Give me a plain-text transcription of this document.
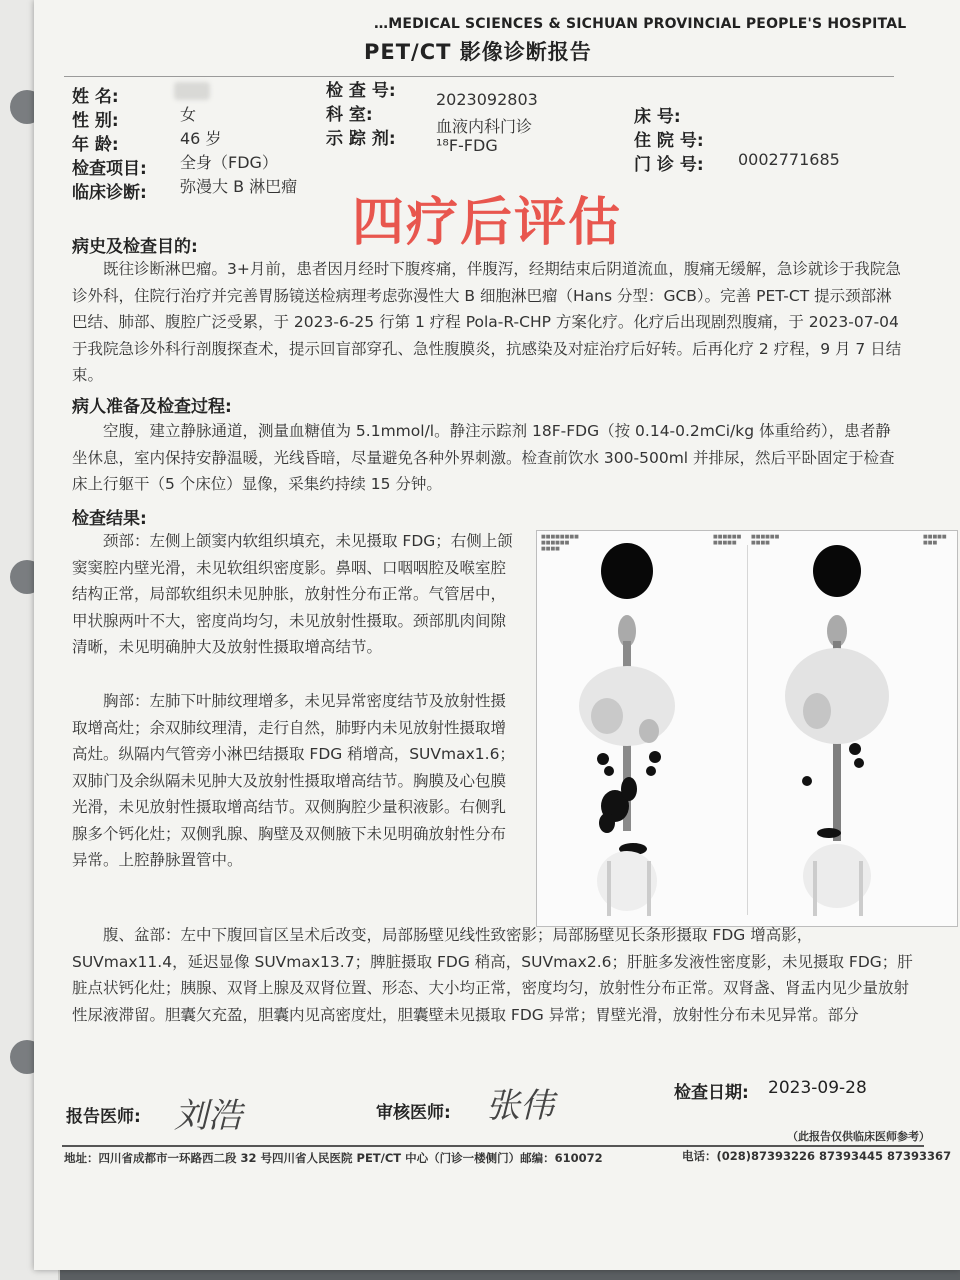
…MEDICAL SCIENCES & SICHUAN PROVINCIAL PEOPLE'S HOSPITAL
PET/CT 影像诊断报告
姓 名:
性 别:	女
年 龄:	46 岁
检查项目: 全身（FDG）
临床诊断: 弥漫大 B 淋巴瘤
检 查 号:	2023092803
科 室:
血液内科门诊
示 踪 剂:	¹⁸F-FDG
床 号:
住 院 号:
门 诊 号: 0002771685
四疗后评估
病史及检查目的:

既往诊断淋巴瘤。3+月前，患者因月经时下腹疼痛，伴腹泻，经期结束后阴道流血，腹痛无缓解，急诊就诊于我院急诊外科，住院行治疗并完善胃肠镜送检病理考虑弥漫性大 B 细胞淋巴瘤（Hans 分型：GCB）。完善 PET-CT 提示颈部淋巴结、肺部、腹腔广泛受累，于 2023-6-25 行第 1 疗程 Pola-R-CHP 方案化疗。化疗后出现剧烈腹痛，于 2023-07-04 于我院急诊外科行剖腹探查术，提示回盲部穿孔、急性腹膜炎，抗感染及对症治疗后好转。后再化疗 2 疗程，9 月 7 日结束。

病人准备及检查过程:

空腹，建立静脉通道，测量血糖值为 5.1mmol/l。静注示踪剂 18F-FDG（按 0.14-0.2mCi/kg 体重给药），患者静坐休息，室内保持安静温暖，光线昏暗，尽量避免各种外界刺激。检查前饮水 300-500ml 并排尿，然后平卧固定于检查床上行躯干（5 个床位）显像，采集约持续 15 分钟。

检查结果:

颈部：左侧上颌窦内软组织填充，未见摄取 FDG；右侧上颌窦窦腔内壁光滑，未见软组织密度影。鼻咽、口咽咽腔及喉室腔结构正常，局部软组织未见肿胀，放射性分布正常。气管居中，甲状腺两叶不大，密度尚均匀，未见放射性摄取。颈部肌肉间隙清晰，未见明确肿大及放射性摄取增高结节。

胸部：左肺下叶肺纹理增多，未见异常密度结节及放射性摄取增高灶；余双肺纹理清，走行自然，肺野内未见放射性摄取增高灶。纵隔内气管旁小淋巴结摄取 FDG 稍增高，SUVmax1.6；双肺门及余纵隔未见肿大及放射性摄取增高结节。胸膜及心包膜光滑，未见放射性摄取增高结节。双侧胸腔少量积液影。右侧乳腺多个钙化灶；双侧乳腺、胸壁及双侧腋下未见明确放射性分布异常。上腔静脉置管中。

■■■■■■■■
■■■■■■
■■■■
■■■■■■
■■■■■
■■■■■■
■■■■
■■■■■
■■■

腹、盆部：左中下腹回盲区呈术后改变，局部肠壁见线性致密影；局部肠壁见长条形摄取 FDG 增高影，SUVmax11.4，延迟显像 SUVmax13.7；脾脏摄取 FDG 稍高，SUVmax2.6；肝脏多发液性密度影，未见摄取 FDG；肝脏点状钙化灶；胰腺、双肾上腺及双肾位置、形态、大小均正常，密度均匀，放射性分布正常。双肾盏、肾盂内见少量放射性尿液滞留。胆囊欠充盈，胆囊内见高密度灶，胆囊壁未见摄取 FDG 异常；胃壁光滑，放射性分布未见异常。部分

报告医师: 刘浩	审核医师: 张伟	检查日期: 2023-09-28
（此报告仅供临床医师参考）
地址：四川省成都市一环路西二段 32 号四川省人民医院 PET/CT 中心（门诊一楼侧门）邮编：610072	电话：(028)87393226 87393445 87393367
